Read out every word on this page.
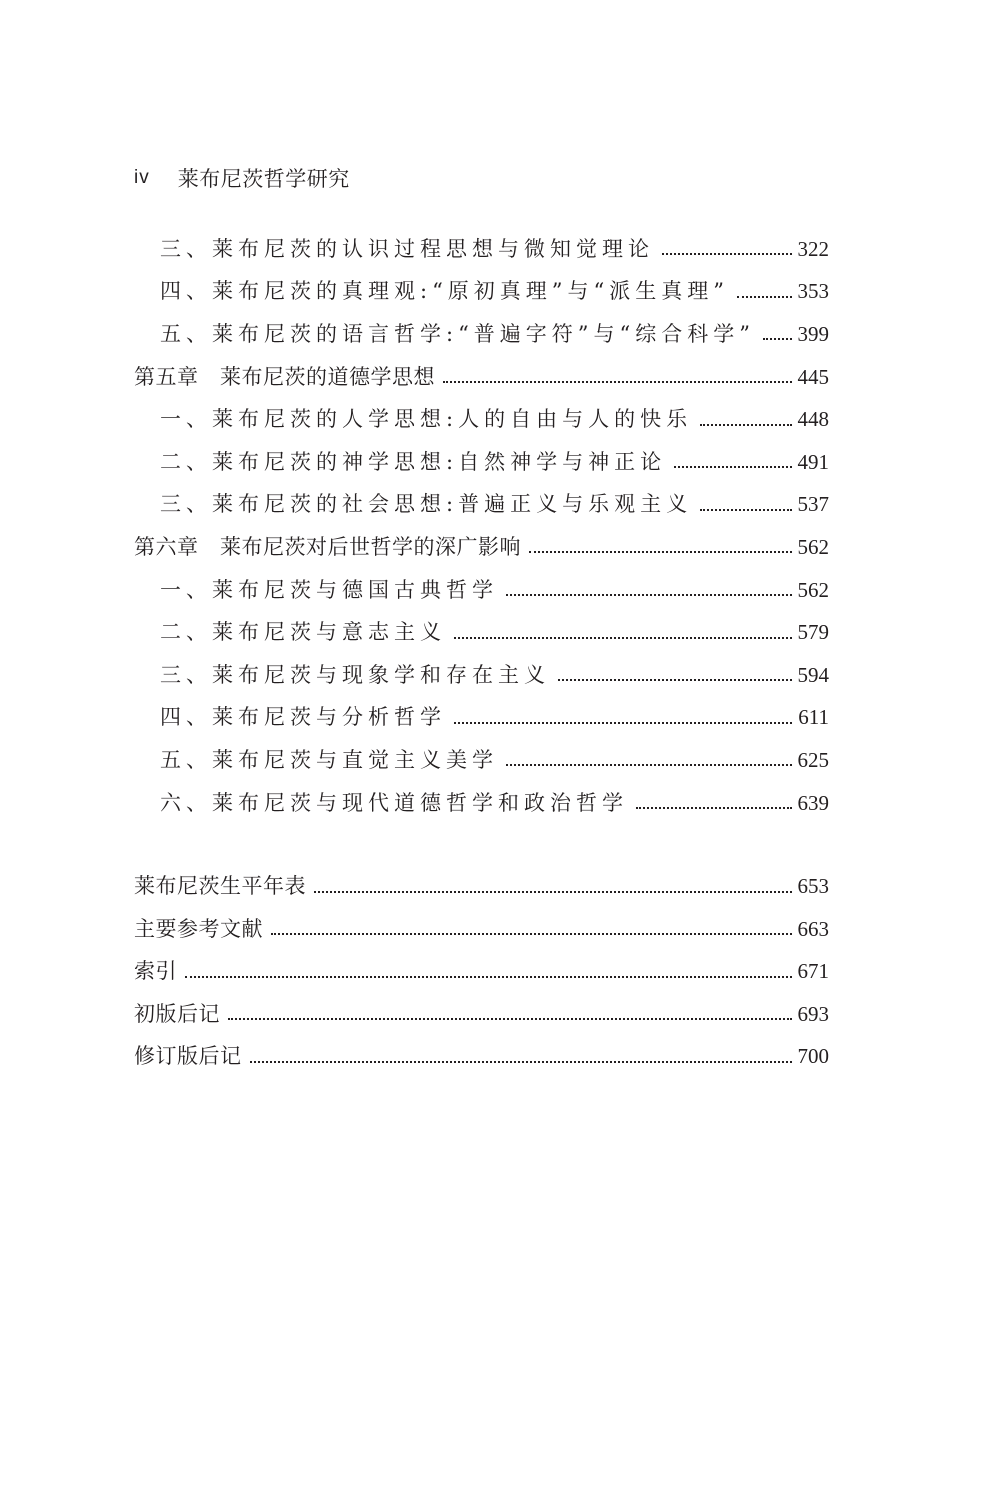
iv 莱布尼茨哲学研究
三、莱布尼茨的认识过程思想与微知觉理论	322
四、莱布尼茨的真理观:“原初真理”与“派生真理”	353
五、莱布尼茨的语言哲学:“普遍字符”与“综合科学” 399
第五章　莱布尼茨的道德学思想	445
一、莱布尼茨的人学思想:人的自由与人的快乐	448
二、莱布尼茨的神学思想:自然神学与神正论	491
三、莱布尼茨的社会思想:普遍正义与乐观主义	537
第六章　莱布尼茨对后世哲学的深广影响	562
一、莱布尼茨与德国古典哲学	562
二、莱布尼茨与意志主义	579
三、莱布尼茨与现象学和存在主义	594
四、莱布尼茨与分析哲学	611
五、莱布尼茨与直觉主义美学	625
六、莱布尼茨与现代道德哲学和政治哲学	639
莱布尼茨生平年表	653
主要参考文献	663
索引	671
初版后记	693
修订版后记	700
